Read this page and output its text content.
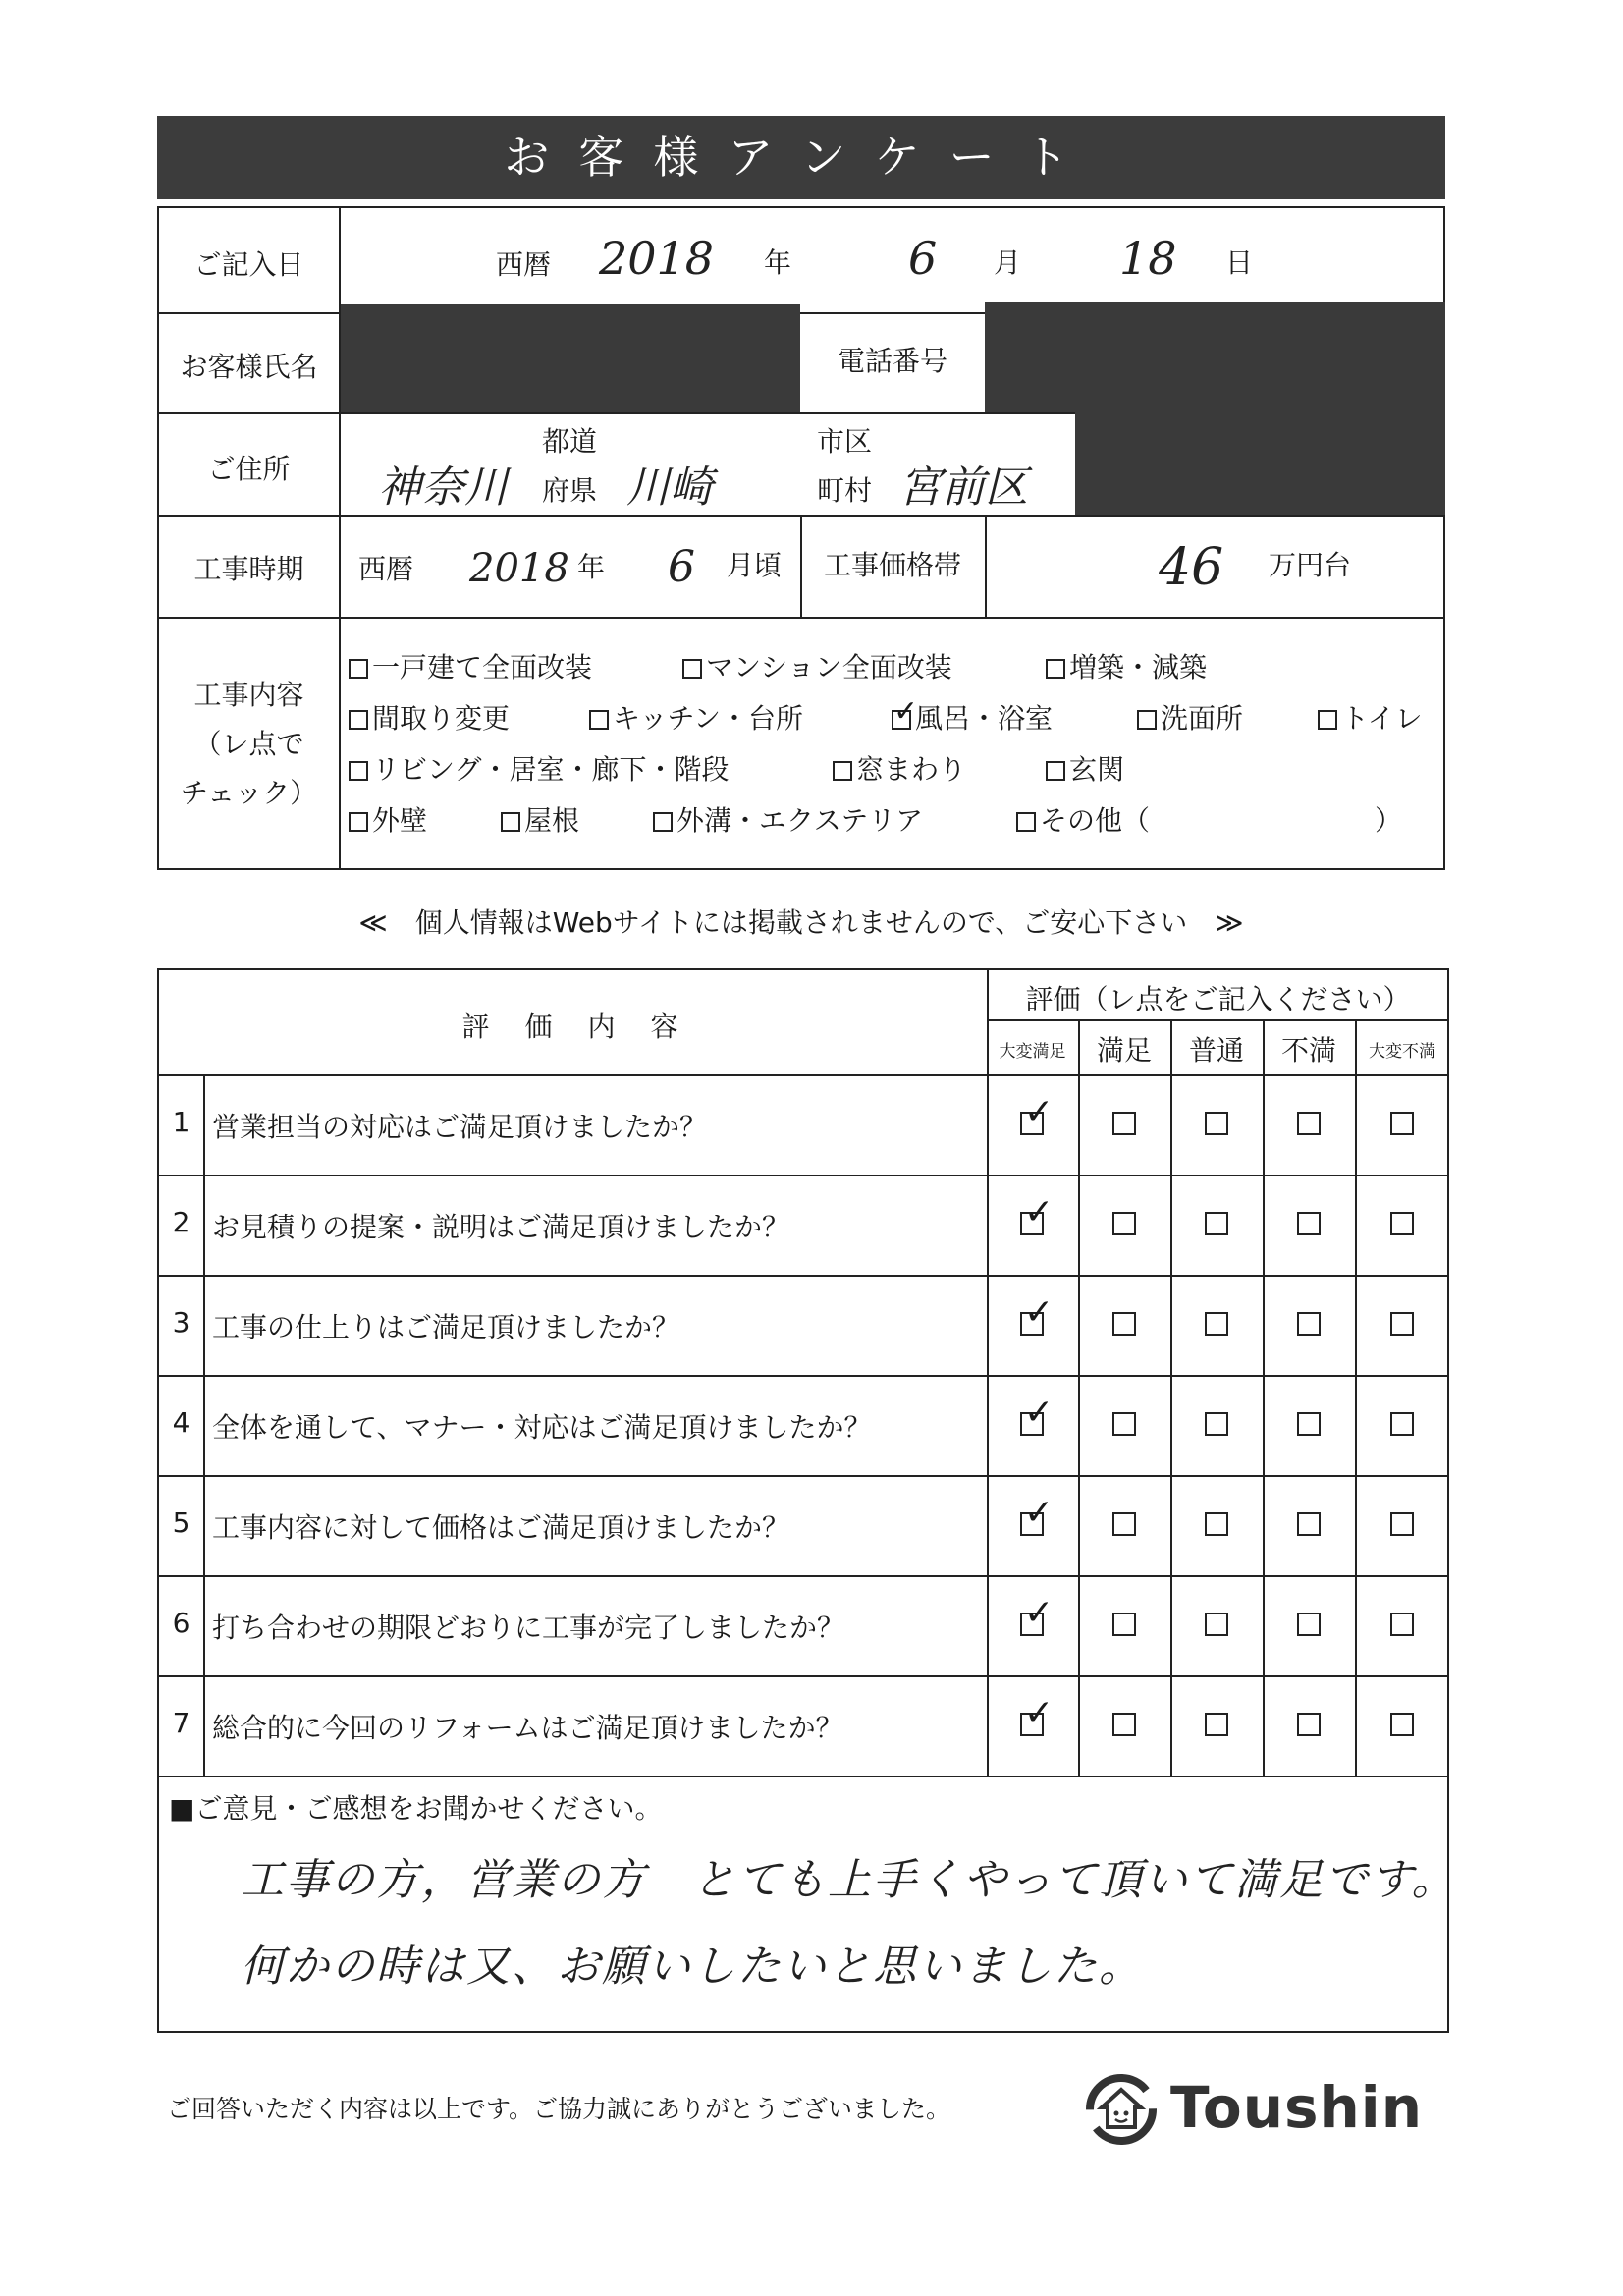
お客様アンケート
ご記入日	西暦 2018 年	6 月 18 日
お客様氏名	電話番号
ご住所	神奈川
都道
府県 川崎
市区
町村 宮前区
工事時期	西暦 2018 年 6 月頃	工事価格帯	46 万円台
工事内容
（レ点で
チェック）
一戸建て全面改装	マンション全面改装	増築・減築
間取り変更	キッチン・台所
✓	風呂・浴室	洗面所	トイレ
リビング・居室・廊下・階段	窓まわり	玄関
外壁	屋根	外溝・エクステリア	その他（	）
≪　個人情報はWebサイトには掲載されませんので、ご安心下さい　≫
評　価　内　容
評価（レ点をご記入ください）
大変満足	満足	普通	不満	大変不満
1 営業担当の対応はご満足頂けましたか？
✓
2 お見積りの提案・説明はご満足頂けましたか？
✓
3 工事の仕上りはご満足頂けましたか？
✓
4 全体を通して、マナー・対応はご満足頂けましたか？
✓
5 工事内容に対して価格はご満足頂けましたか？
✓
6 打ち合わせの期限どおりに工事が完了しましたか？
✓
7 総合的に今回のリフォームはご満足頂けましたか？
✓
■ご意見・ご感想をお聞かせください。
工事の方，営業の方　とても上手くやって頂いて満足です。
何かの時は又、お願いしたいと思いました。
ご回答いただく内容は以上です。ご協力誠にありがとうございました。	Toushin
